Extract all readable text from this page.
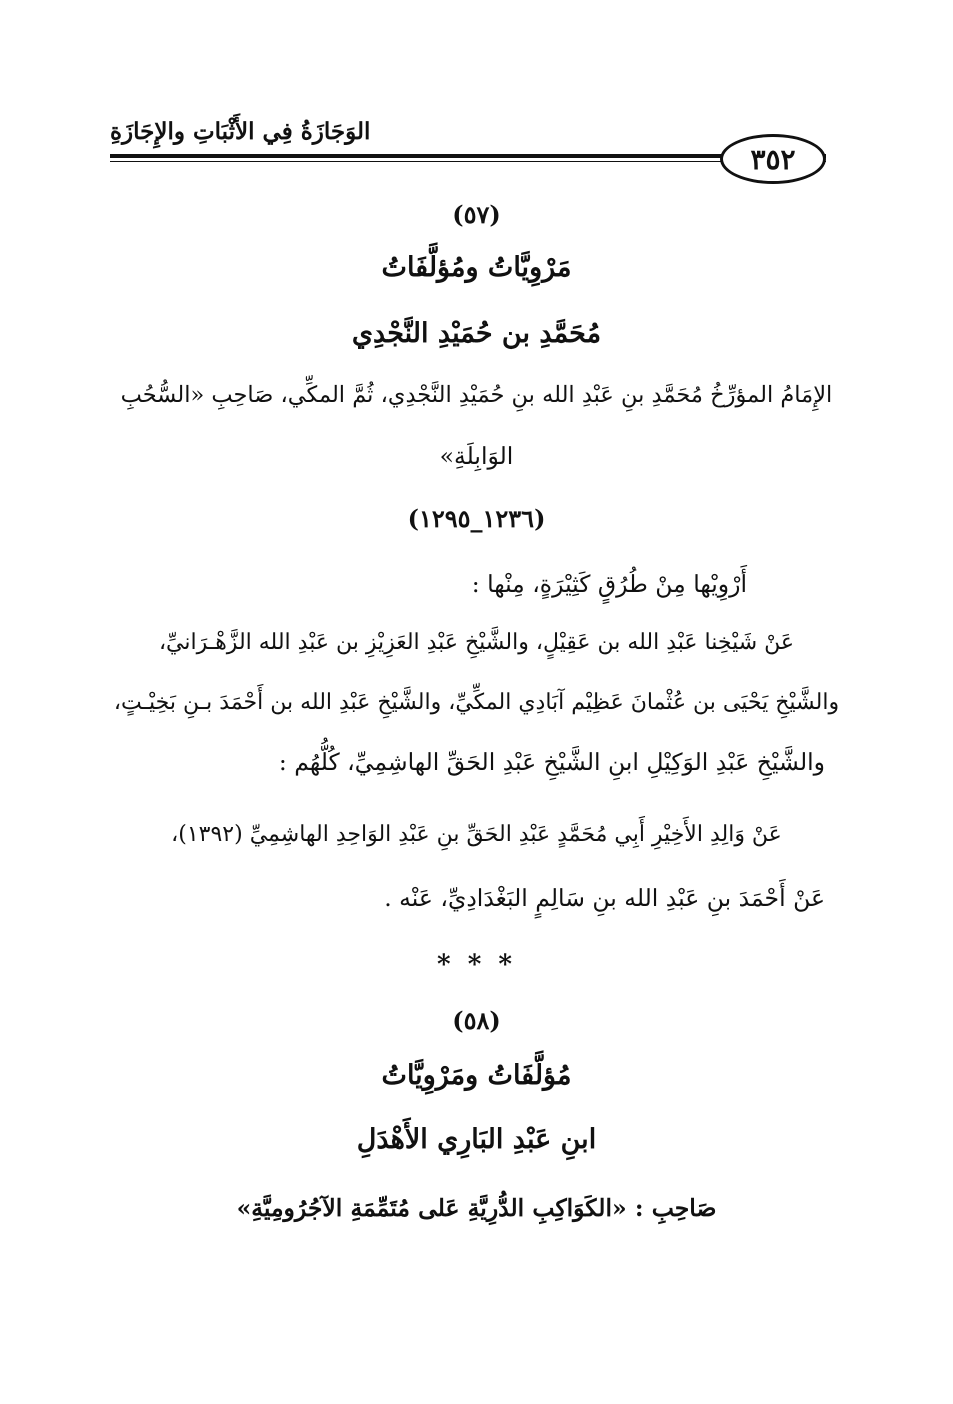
الوَجَازَةُ فِي الأَثْبَاتِ والإِجَازَةِ
٣٥٢
(٥٧)
مَرْوِيَّاتُ ومُؤلَّفَاتُ
مُحَمَّدِ بن حُمَيْدِ النَّجْدِي
الإِمَامُ المؤرِّخُ مُحَمَّدِ بنِ عَبْدِ الله بنِ حُمَيْدِ النَّجْدِي، ثُمَّ المكِّي، صَاحِبِ «السُّحُبِ
الوَابِلَةِ»
(١٢٣٦_١٢٩٥)
أَرْوِيْها مِنْ طُرُقٍ كَثِيْرَةٍ، مِنْها :
عَنْ شَيْخِنا عَبْدِ الله بن عَقِيْلٍ، والشَّيْخِ عَبْدِ العَزِيْزِ بن عَبْدِ الله الزَّهْـرَانيِّ،
والشَّيْخِ يَحْيَى بن عُثْمانَ عَظِيْم آبَادِي المكِّيِّ، والشَّيْخِ عَبْدِ الله بن أَحْمَدَ بـنِ بَخِيْـتٍ،
والشَّيْخِ عَبْدِ الوَكِيْلِ ابنِ الشَّيْخِ عَبْدِ الحَقِّ الهاشِمِيِّ، كُلُّهُم :
عَنْ وَالِدِ الأَخِيْرِ أَبِي مُحَمَّدٍ عَبْدِ الحَقِّ بنِ عَبْدِ الوَاحِدِ الهاشِمِيِّ (١٣٩٢)،
عَنْ أَحْمَدَ بنِ عَبْدِ الله بنِ سَالِمٍ البَغْدَادِيِّ، عَنْه .
* * *
(٥٨)
مُؤلَّفَاتُ ومَرْوِيَّاتُ
ابنِ عَبْدِ البَارِي الأَهْدَلِ
صَاحِبِ : «الكَوَاكِبِ الدُّرِيَّةِ عَلى مُتَمِّمَةِ الآجُرُومِيَّةِ»
